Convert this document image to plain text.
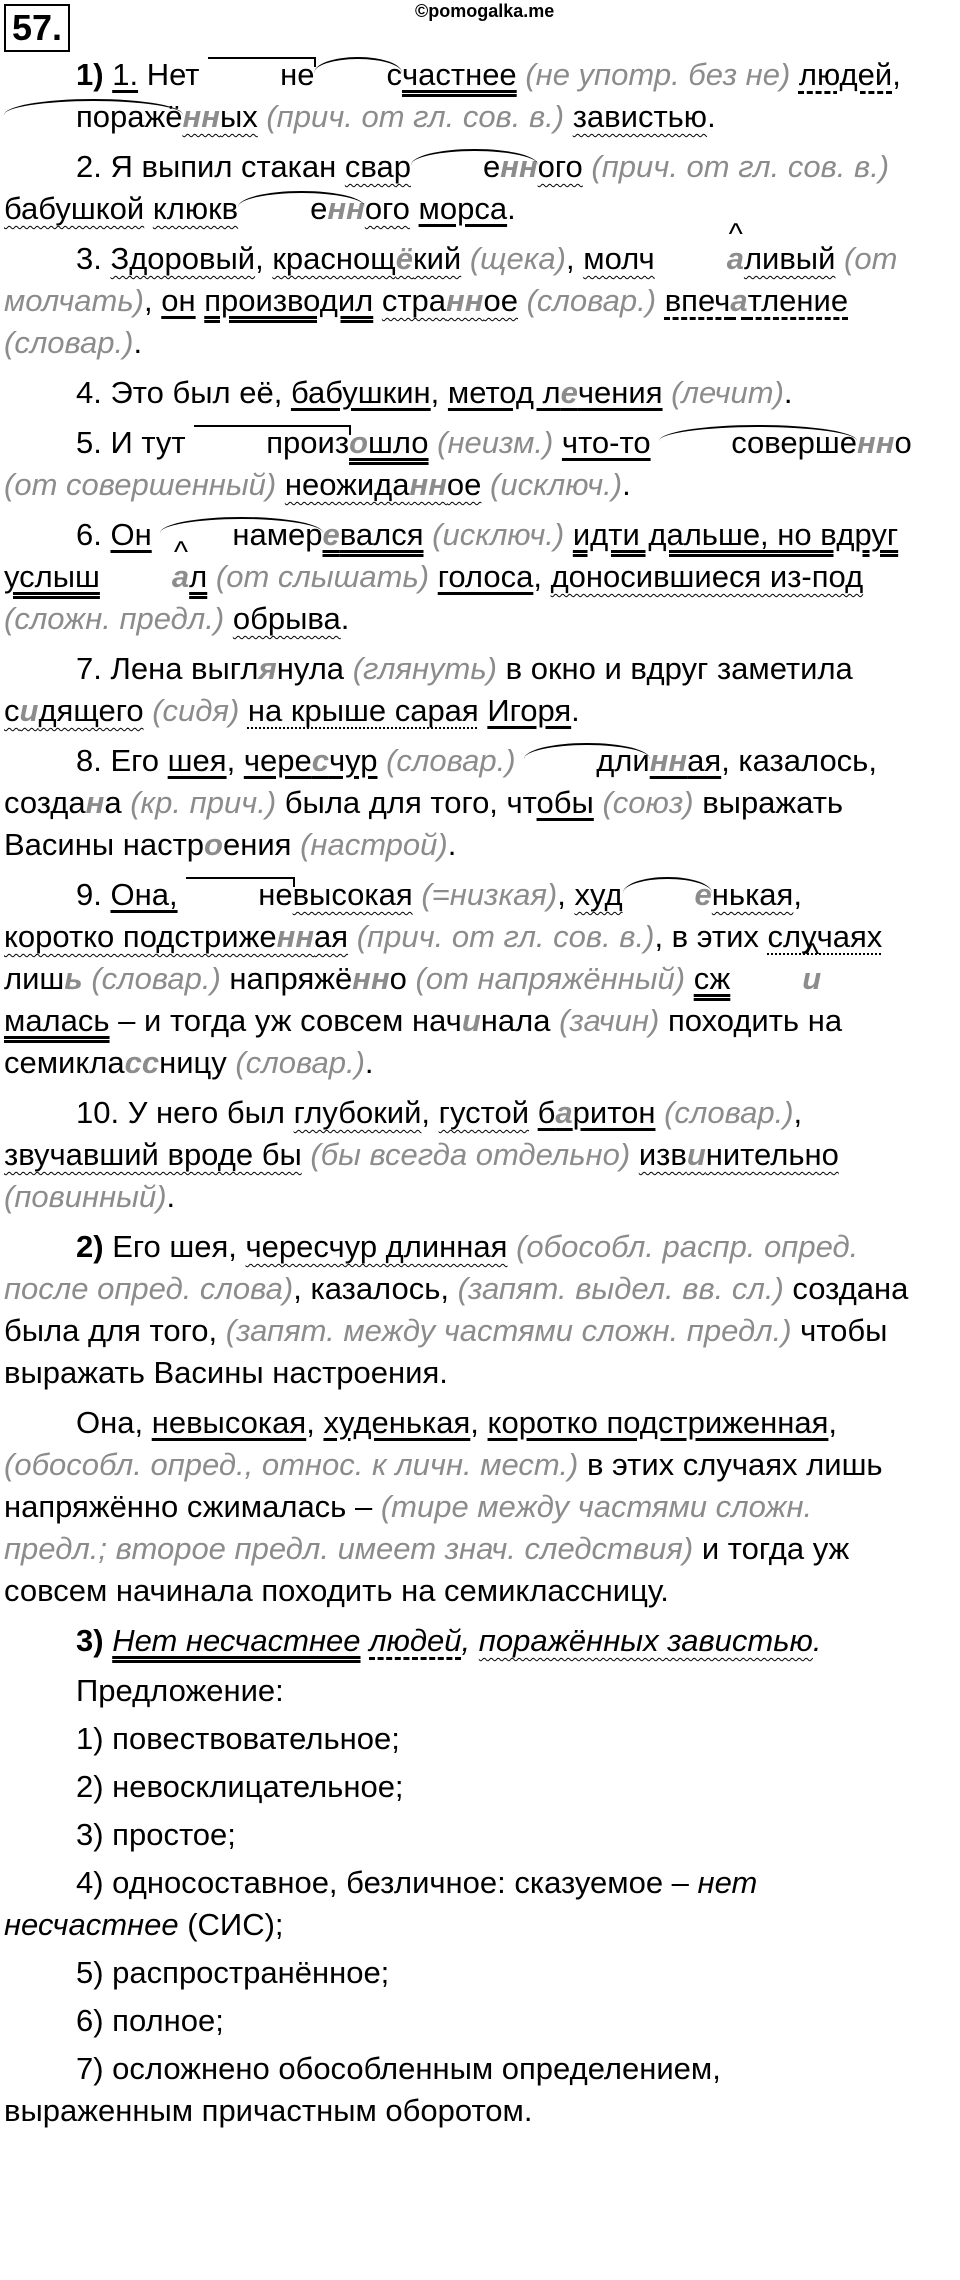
57.	©pomogalka.me

1) 1. Нет	не счастнее (не употр. без не) людей, поражённых (прич. от гл. сов. в.) завистью.

2. Я выпил стакан свар енного (прич. от гл. сов. в.) бабушкой клюкв енного морса.

3. Здоровый, краснощёкий (щека), молч ^ аливый (от молчать), он производил странное (словар.) впечатление (словар.).

4. Это был её, бабушкин, метод лечения (лечит).

5. И тут	произошло (неизм.) что-то	совершенно (от совершенный) неожиданное (исключ.).

6. Он	намеревался (исключ.) идти дальше, но вдруг услыш ^ ал (от слышать) голоса, доносившиеся из-под (сложн. предл.) обрыва.

7. Лена выглянула (глянуть) в окно и вдруг заметила сидящего (сидя) на крыше сарая Игоря.

8. Его шея, чересчур (словар.)	длинная, казалось, создана (кр. прич.) была для того, чтобы (союз) выражать Васины настроения (настрой).

9. Она,	невысокая (=низкая), худ енькая, коротко подстриженная (прич. от гл. сов. в.), в этих случаях лишь (словар.) напряжённо (от напряжённый) сж ^ ималась – и тогда уж совсем начинала (зачин) походить на семиклассницу (словар.).

10. У него был глубокий, густой баритон (словар.), звучавший вроде бы (бы всегда отдельно) извинительно (повинный).

2) Его шея, чересчур длинная (обособл. распр. опред. после опред. слова), казалось, (запят. выдел. вв. сл.) создана была для того, (запят. между частями сложн. предл.) чтобы выражать Васины настроения.

Она, невысокая, худенькая, коротко подстриженная, (обособл. опред., относ. к личн. мест.) в этих случаях лишь напряжённо сжималась – (тире между частями сложн. предл.; второе предл. имеет знач. следствия) и тогда уж совсем начинала походить на семиклассницу.

3) Нет несчастнее людей, поражённых завистью.

Предложение:

1) повествовательное;

2) невосклицательное;

3) простое;

4) односоставное, безличное: сказуемое – нет несчастнее (СИС);

5) распространённое;

6) полное;

7) осложнено обособленным определением, выраженным причастным оборотом.
